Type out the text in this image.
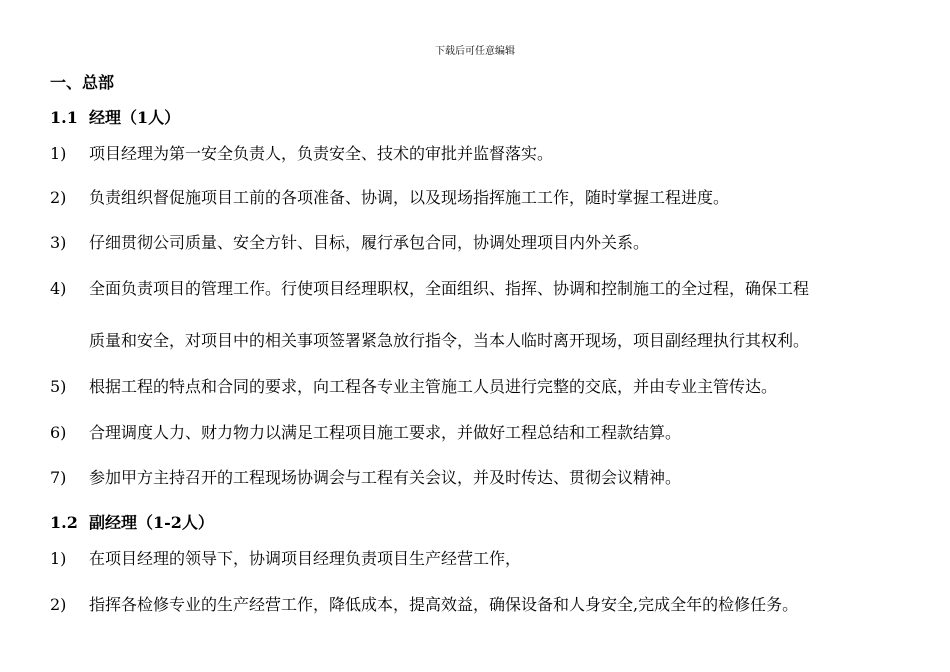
下载后可任意编辑
一、总部
1.1 经理（1人）
1) 项目经理为第一安全负责人，负责安全、技术的审批并监督落实。
2) 负责组织督促施项目工前的各项准备、协调，以及现场指挥施工工作，随时掌握工程进度。
3) 仔细贯彻公司质量、安全方针、目标，履行承包合同，协调处理项目内外关系。
4) 全面负责项目的管理工作。行使项目经理职权，全面组织、指挥、协调和控制施工的全过程，确保工程
质量和安全，对项目中的相关事项签署紧急放行指令，当本人临时离开现场，项目副经理执行其权利。
5) 根据工程的特点和合同的要求，向工程各专业主管施工人员进行完整的交底，并由专业主管传达。
6) 合理调度人力、财力物力以满足工程项目施工要求，并做好工程总结和工程款结算。
7) 参加甲方主持召开的工程现场协调会与工程有关会议，并及时传达、贯彻会议精神。
1.2 副经理（1-2人）
1) 在项目经理的领导下，协调项目经理负责项目生产经营工作，
2) 指挥各检修专业的生产经营工作，降低成本，提高效益，确保设备和人身安全,完成全年的检修任务。
